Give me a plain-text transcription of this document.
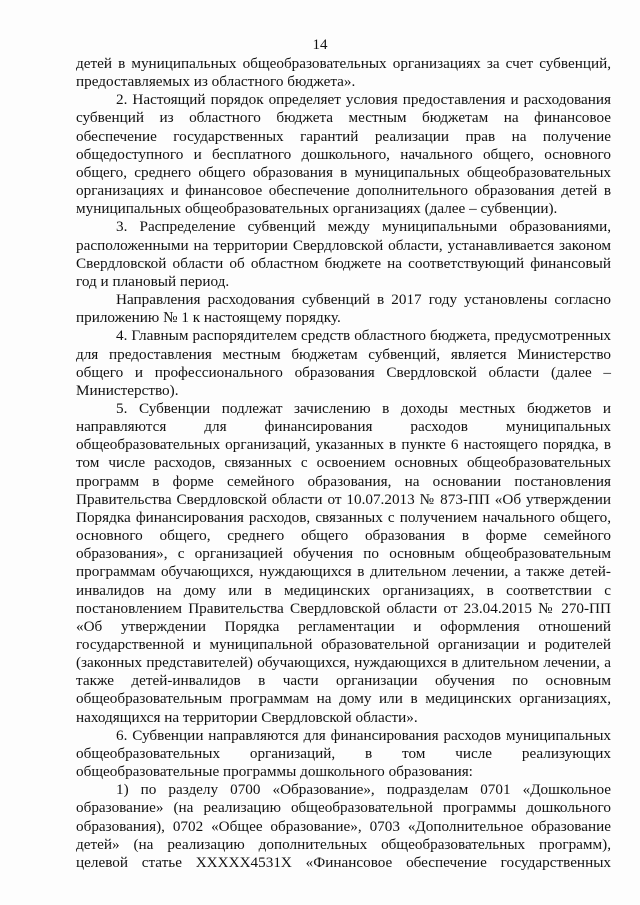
14

детей в муниципальных общеобразовательных организациях за счет субвенций, предоставляемых из областного бюджета».

2. Настоящий порядок определяет условия предоставления и расходования субвенций из областного бюджета местным бюджетам на финансовое обеспечение государственных гарантий реализации прав на получение общедоступного и бесплатного дошкольного, начального общего, основного общего, среднего общего образования в муниципальных общеобразовательных организациях и финансовое обеспечение дополнительного образования детей в муниципальных общеобразовательных организациях (далее – субвенции).

3. Распределение субвенций между муниципальными образованиями, расположенными на территории Свердловской области, устанавливается законом Свердловской области об областном бюджете на соответствующий финансовый год и плановый период.

Направления расходования субвенций в 2017 году установлены согласно приложению № 1 к настоящему порядку.

4. Главным распорядителем средств областного бюджета, предусмотренных для предоставления местным бюджетам субвенций, является Министерство общего и профессионального образования Свердловской области (далее – Министерство).

5. Субвенции подлежат зачислению в доходы местных бюджетов и направляются для финансирования расходов муниципальных общеобразовательных организаций, указанных в пункте 6 настоящего порядка, в том числе расходов, связанных с освоением основных общеобразовательных программ в форме семейного образования, на основании постановления Правительства Свердловской области от 10.07.2013 № 873-ПП «Об утверждении Порядка финансирования расходов, связанных с получением начального общего, основного общего, среднего общего образования в форме семейного образования», с организацией обучения по основным общеобразовательным программам обучающихся, нуждающихся в длительном лечении, а также детей-инвалидов на дому или в медицинских организациях, в соответствии с постановлением Правительства Свердловской области от 23.04.2015 № 270-ПП «Об утверждении Порядка регламентации и оформления отношений государственной и муниципальной образовательной организации и родителей (законных представителей) обучающихся, нуждающихся в длительном лечении, а также детей-инвалидов в части организации обучения по основным общеобразовательным программам на дому или в медицинских организациях, находящихся на территории Свердловской области».

6. Субвенции направляются для финансирования расходов муниципальных общеобразовательных организаций, в том числе реализующих общеобразовательные программы дошкольного образования:

1) по разделу 0700 «Образование», подразделам 0701 «Дошкольное образование» (на реализацию общеобразовательной программы дошкольного образования), 0702 «Общее образование», 0703 «Дополнительное образование детей» (на реализацию дополнительных общеобразовательных программ), целевой статье XXXXX4531X «Финансовое обеспечение государственных
